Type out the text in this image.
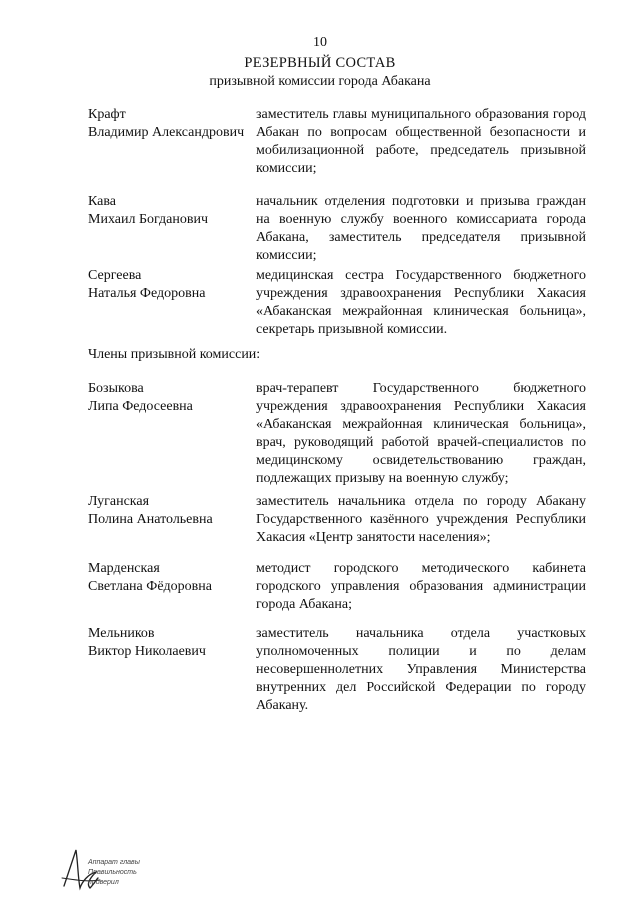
10
РЕЗЕРВНЫЙ СОСТАВ
призывной комиссии города Абакана
Крафт
Владимир Александрович
заместитель главы муниципального образования город Абакан по вопросам общественной безопасности и мобилизационной работе, председатель призывной комиссии;
Кава
Михаил Богданович
начальник отделения подготовки и призыва граждан на военную службу военного комиссариата города Абакана, заместитель председателя призывной комиссии;
Сергеева
Наталья Федоровна
медицинская сестра Государственного бюджетного учреждения здравоохранения Республики Хакасия «Абаканская межрайонная клиническая больница», секретарь призывной комиссии.
Члены призывной комиссии:
Бозыкова
Липа Федосеевна
врач-терапевт Государственного бюджетного учреждения здравоохранения Республики Хакасия «Абаканская межрайонная клиническая больница», врач, руководящий работой врачей-специалистов по медицинскому освидетельствованию граждан, подлежащих призыву на военную службу;
Луганская
Полина Анатольевна
заместитель начальника отдела по городу Абакану Государственного казённого учреждения Республики Хакасия «Центр занятости населения»;
Марденская
Светлана Фёдоровна
методист городского методического кабинета городского управления образования администрации города Абакана;
Мельников
Виктор Николаевич
заместитель начальника отдела участковых уполномоченных полиции и по делам несовершеннолетних Управления Министерства внутренних дел Российской Федерации по городу Абакану.
Аппарат главы
Правильность
проверил
